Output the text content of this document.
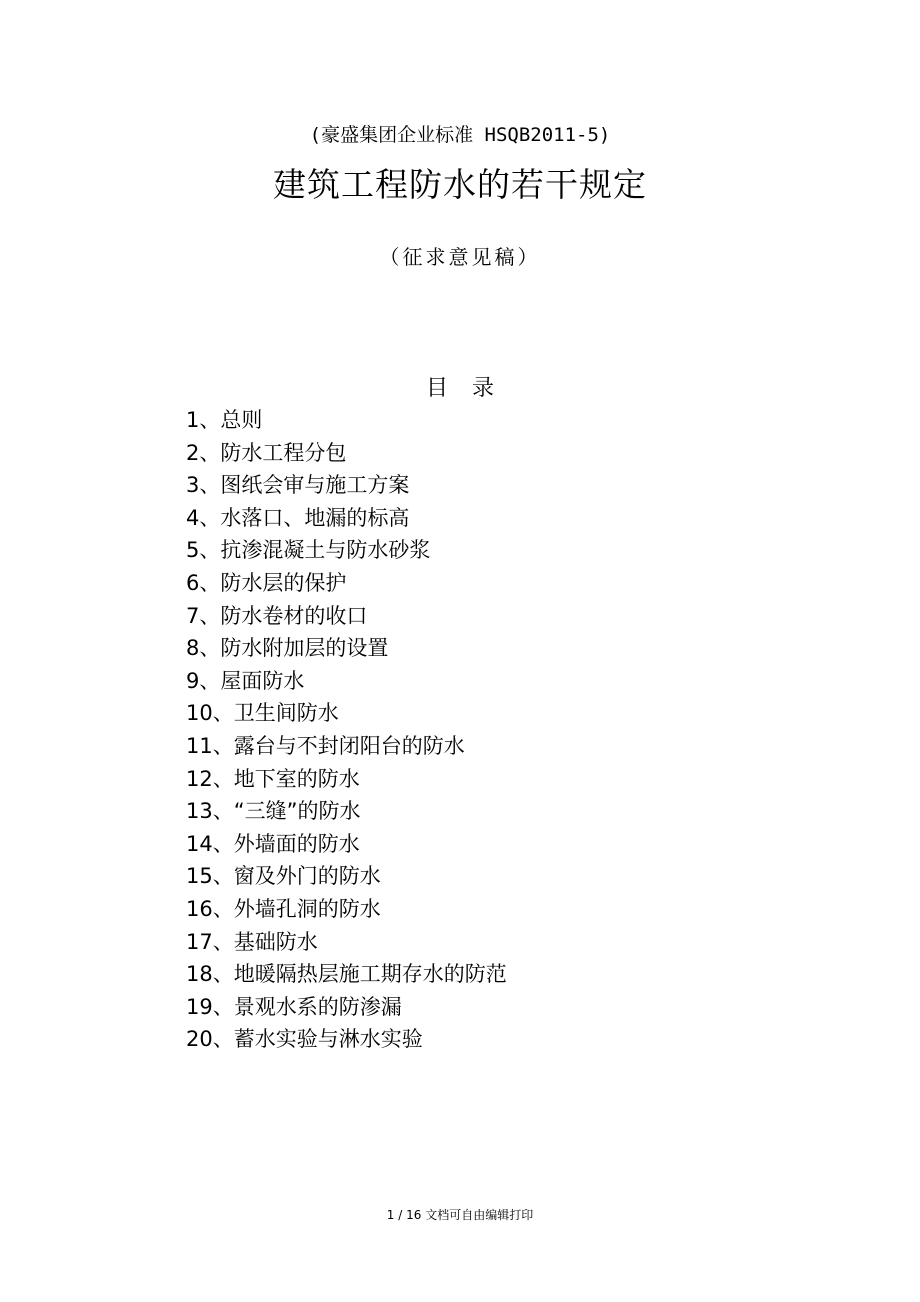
(豪盛集团企业标准 HSQB2011-5)
建筑工程防水的若干规定
（征求意见稿）
目录
1、总则
2、防水工程分包
3、图纸会审与施工方案
4、水落口、地漏的标高
5、抗渗混凝土与防水砂浆
6、防水层的保护
7、防水卷材的收口
8、防水附加层的设置
9、屋面防水
10、卫生间防水
11、露台与不封闭阳台的防水
12、地下室的防水
13、“三缝”的防水
14、外墙面的防水
15、窗及外门的防水
16、外墙孔洞的防水
17、基础防水
18、地暖隔热层施工期存水的防范
19、景观水系的防渗漏
20、蓄水实验与淋水实验
1 / 16 文档可自由编辑打印
